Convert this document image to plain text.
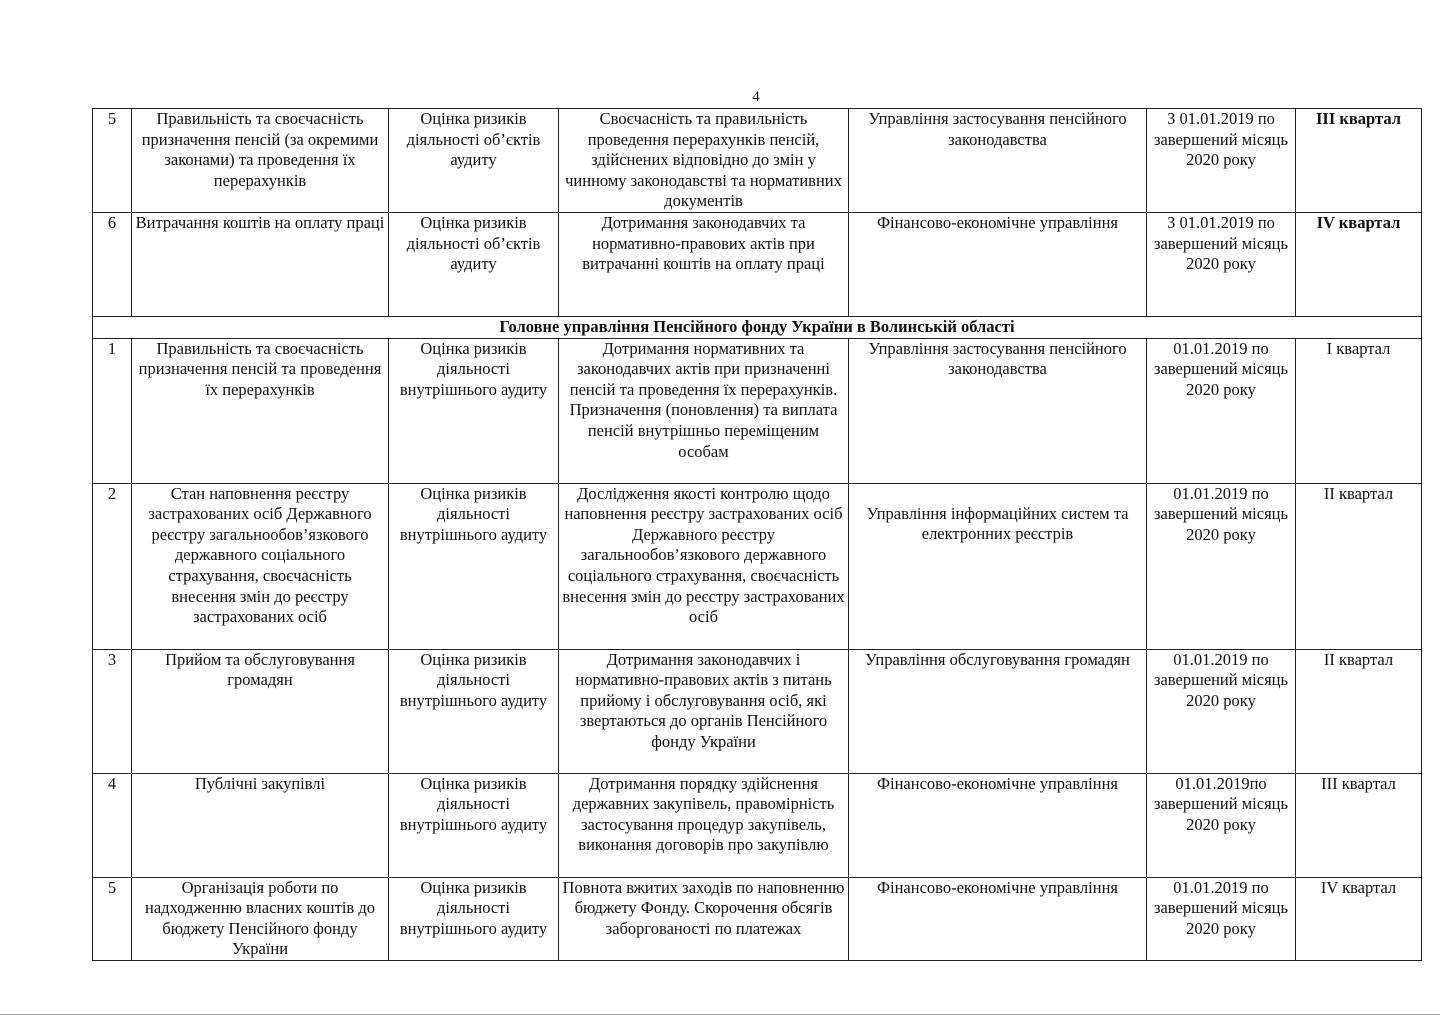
4
5	Правильність та своєчасність призначення пенсій (за окремими законами) та проведення їх перерахунків	Оцінка ризиків діяльності об’єктів аудиту	Своєчасність та правильність проведення перерахунків пенсій, здійснених відповідно до змін у чинному законодавстві та нормативних документів	Управління застосування пенсійного законодавства	З 01.01.2019 по завершений місяць 2020 року	ІІІ квартал
6	Витрачання коштів на оплату праці	Оцінка ризиків діяльності об’єктів аудиту	Дотримання законодавчих та нормативно-правових актів при витрачанні коштів на оплату праці	Фінансово-економічне управління	З 01.01.2019 по завершений місяць 2020 року	IV квартал
Головне управління Пенсійного фонду України в Волинській області						
1	Правильність та своєчасність призначення пенсій та проведення їх перерахунків	Оцінка ризиків діяльності внутрішнього аудиту	Дотримання нормативних та законодавчих актів при призначенні пенсій та проведення їх перерахунків. Призначення (поновлення) та виплата пенсій внутрішньо переміщеним особам	Управління застосування пенсійного законодавства	01.01.2019 по завершений місяць 2020 року	І квартал
2	Стан наповнення реєстру застрахованих осіб Державного реєстру загальнообов’язкового державного соціального страхування, своєчасність внесення змін до реєстру застрахованих осіб	Оцінка ризиків діяльності внутрішнього аудиту	Дослідження якості контролю щодо наповнення реєстру застрахованих осіб Державного реєстру загальнообов’язкового державного соціального страхування, своєчасність внесення змін до реєстру застрахованих осіб	Управління інформаційних систем та електронних реєстрів	01.01.2019 по завершений місяць 2020 року	ІІ квартал
3	Прийом та обслуговування громадян	Оцінка ризиків діяльності внутрішнього аудиту	Дотримання законодавчих і нормативно-правових актів з питань прийому і обслуговування осіб, які звертаються до органів Пенсійного фонду України	Управління обслуговування громадян	01.01.2019 по завершений місяць 2020 року	ІІ квартал
4	Публічні закупівлі	Оцінка ризиків діяльності внутрішнього аудиту	Дотримання порядку здійснення державних закупівель, правомірність застосування процедур закупівель, виконання договорів про закупівлю	Фінансово-економічне управління	01.01.2019по завершений місяць 2020 року	ІІІ квартал
5	Організація роботи по надходженню власних коштів до бюджету Пенсійного фонду України	Оцінка ризиків діяльності внутрішнього аудиту	Повнота вжитих заходів по наповненню бюджету Фонду. Скорочення обсягів заборгованості по платежах	Фінансово-економічне управління	01.01.2019 по завершений місяць 2020 року	IV квартал
